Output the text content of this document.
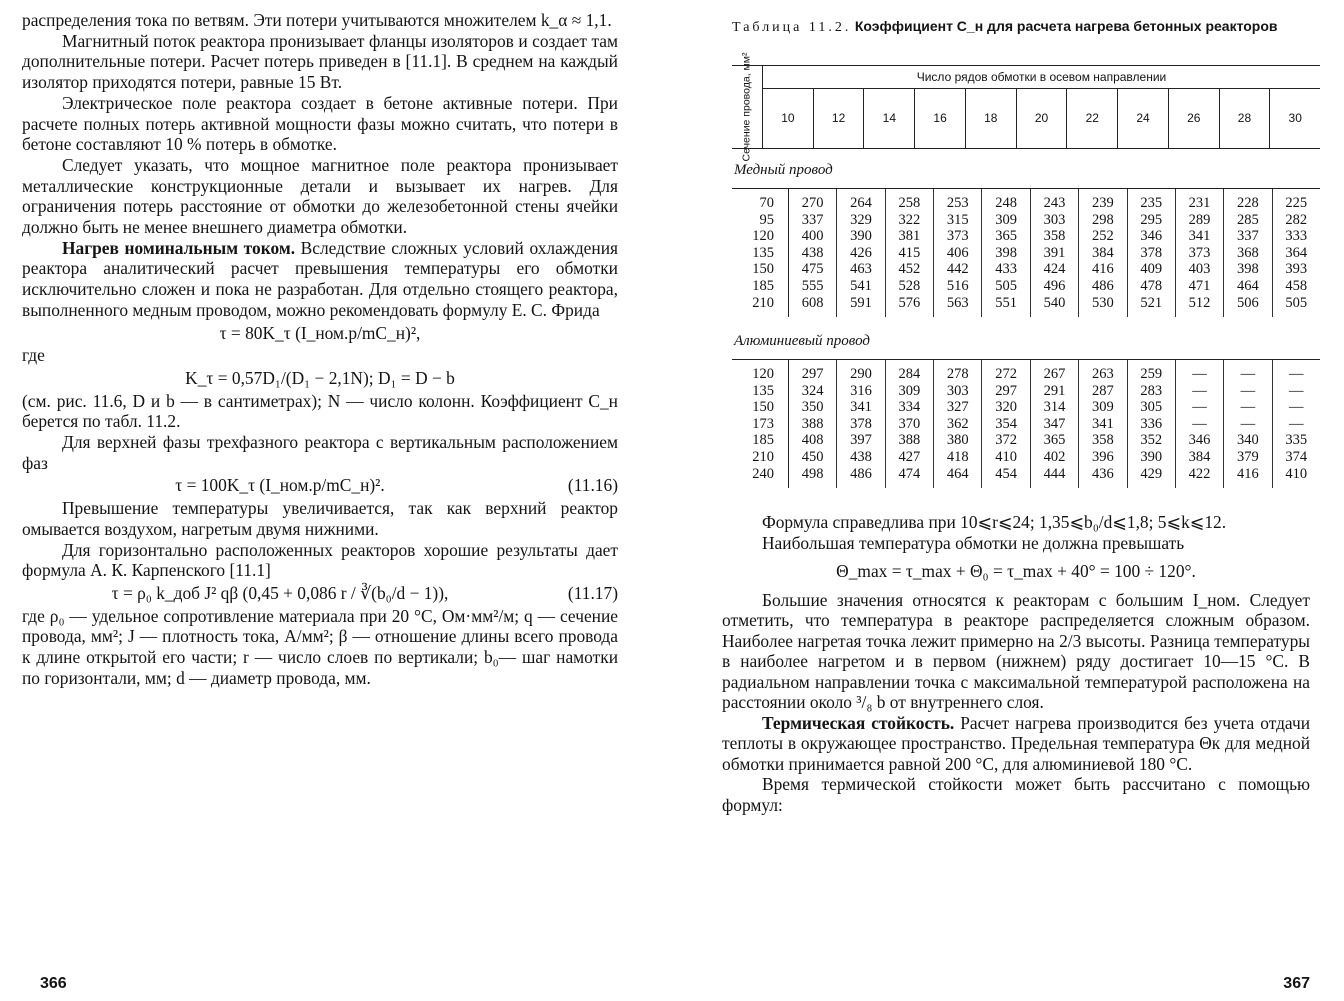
распределения тока по ветвям. Эти потери учитываются множителем k_α ≈ 1,1.

Магнитный поток реактора пронизывает фланцы изоляторов и создает там дополнительные потери. Расчет потерь приведен в [11.1]. В среднем на каждый изолятор приходятся потери, равные 15 Вт.

Электрическое поле реактора создает в бетоне активные потери. При расчете полных потерь активной мощности фазы можно считать, что потери в бетоне составляют 10 % потерь в обмотке.

Следует указать, что мощное магнитное поле реактора пронизывает металлические конструкционные детали и вызывает их нагрев. Для ограничения потерь расстояние от обмотки до железобетонной стены ячейки должно быть не менее внешнего диаметра обмотки.

Нагрев номинальным током. Вследствие сложных условий охлаждения реактора аналитический расчет превышения температуры его обмотки исключительно сложен и пока не разработан. Для отдельно стоящего реактора, выполненного медным проводом, можно рекомендовать формулу Е. С. Фрида

τ = 80K_τ (I_ном.р/mC_н)²,

где

K_τ = 0,57D₁/(D₁ − 2,1N); D₁ = D − b

(см. рис. 11.6, D и b — в сантиметрах); N — число колонн. Коэффициент C_н берется по табл. 11.2.

Для верхней фазы трехфазного реактора с вертикальным расположением фаз

τ = 100K_τ (I_ном.р/mC_н)².	(11.16)

Превышение температуры увеличивается, так как верхний реактор омывается воздухом, нагретым двумя нижними.

Для горизонтально расположенных реакторов хорошие результаты дает формула А. К. Карпенского [11.1]

τ = ρ₀ k_доб J² qβ (0,45 + 0,086 r / ∛(b₀/d − 1)),	(11.17)

где ρ₀ — удельное сопротивление материала при 20 °С, Ом·мм²/м; q — сечение провода, мм²; J — плотность тока, А/мм²; β — отношение длины всего провода к длине открытой его части; r — число слоев по вертикали; b₀— шаг намотки по горизонтали, мм; d — диаметр провода, мм.

366
Таблица 11.2. Коэффициент C_н для расчета нагрева бетонных реакторов
Сечение провода, мм²	Число рядов обмотки в осевом направлении
10	12	14	16	18	20	22	24	26	28	30
Медный провод
70	270	264	258	253	248	243	239	235	231	228	225
95	337	329	322	315	309	303	298	295	289	285	282
120	400	390	381	373	365	358	252	346	341	337	333
135	438	426	415	406	398	391	384	378	373	368	364
150	475	463	452	442	433	424	416	409	403	398	393
185	555	541	528	516	505	496	486	478	471	464	458
210	608	591	576	563	551	540	530	521	512	506	505
Алюминиевый провод
120	297	290	284	278	272	267	263	259	—	—	—
135	324	316	309	303	297	291	287	283	—	—	—
150	350	341	334	327	320	314	309	305	—	—	—
173	388	378	370	362	354	347	341	336	—	—	—
185	408	397	388	380	372	365	358	352	346	340	335
210	450	438	427	418	410	402	396	390	384	379	374
240	498	486	474	464	454	444	436	429	422	416	410

Формула справедлива при 10⩽r⩽24; 1,35⩽b₀/d⩽1,8; 5⩽k⩽12.

Наибольшая температура обмотки не должна превышать

Θ_max = τ_max + Θ₀ = τ_max + 40° = 100 ÷ 120°.

Большие значения относятся к реакторам с большим I_ном. Следует отметить, что температура в реакторе распределяется сложным образом. Наиболее нагретая точка лежит примерно на 2/3 высоты. Разница температуры в наиболее нагретом и в первом (нижнем) ряду достигает 10—15 °С. В радиальном направлении точка с максимальной температурой расположена на расстоянии около ³/₈ b от внутреннего слоя.

Термическая стойкость. Расчет нагрева производится без учета отдачи теплоты в окружающее пространство. Предельная температура Θк для медной обмотки принимается равной 200 °С, для алюминиевой 180 °С.

Время термической стойкости может быть рассчитано с помощью формул:

367
